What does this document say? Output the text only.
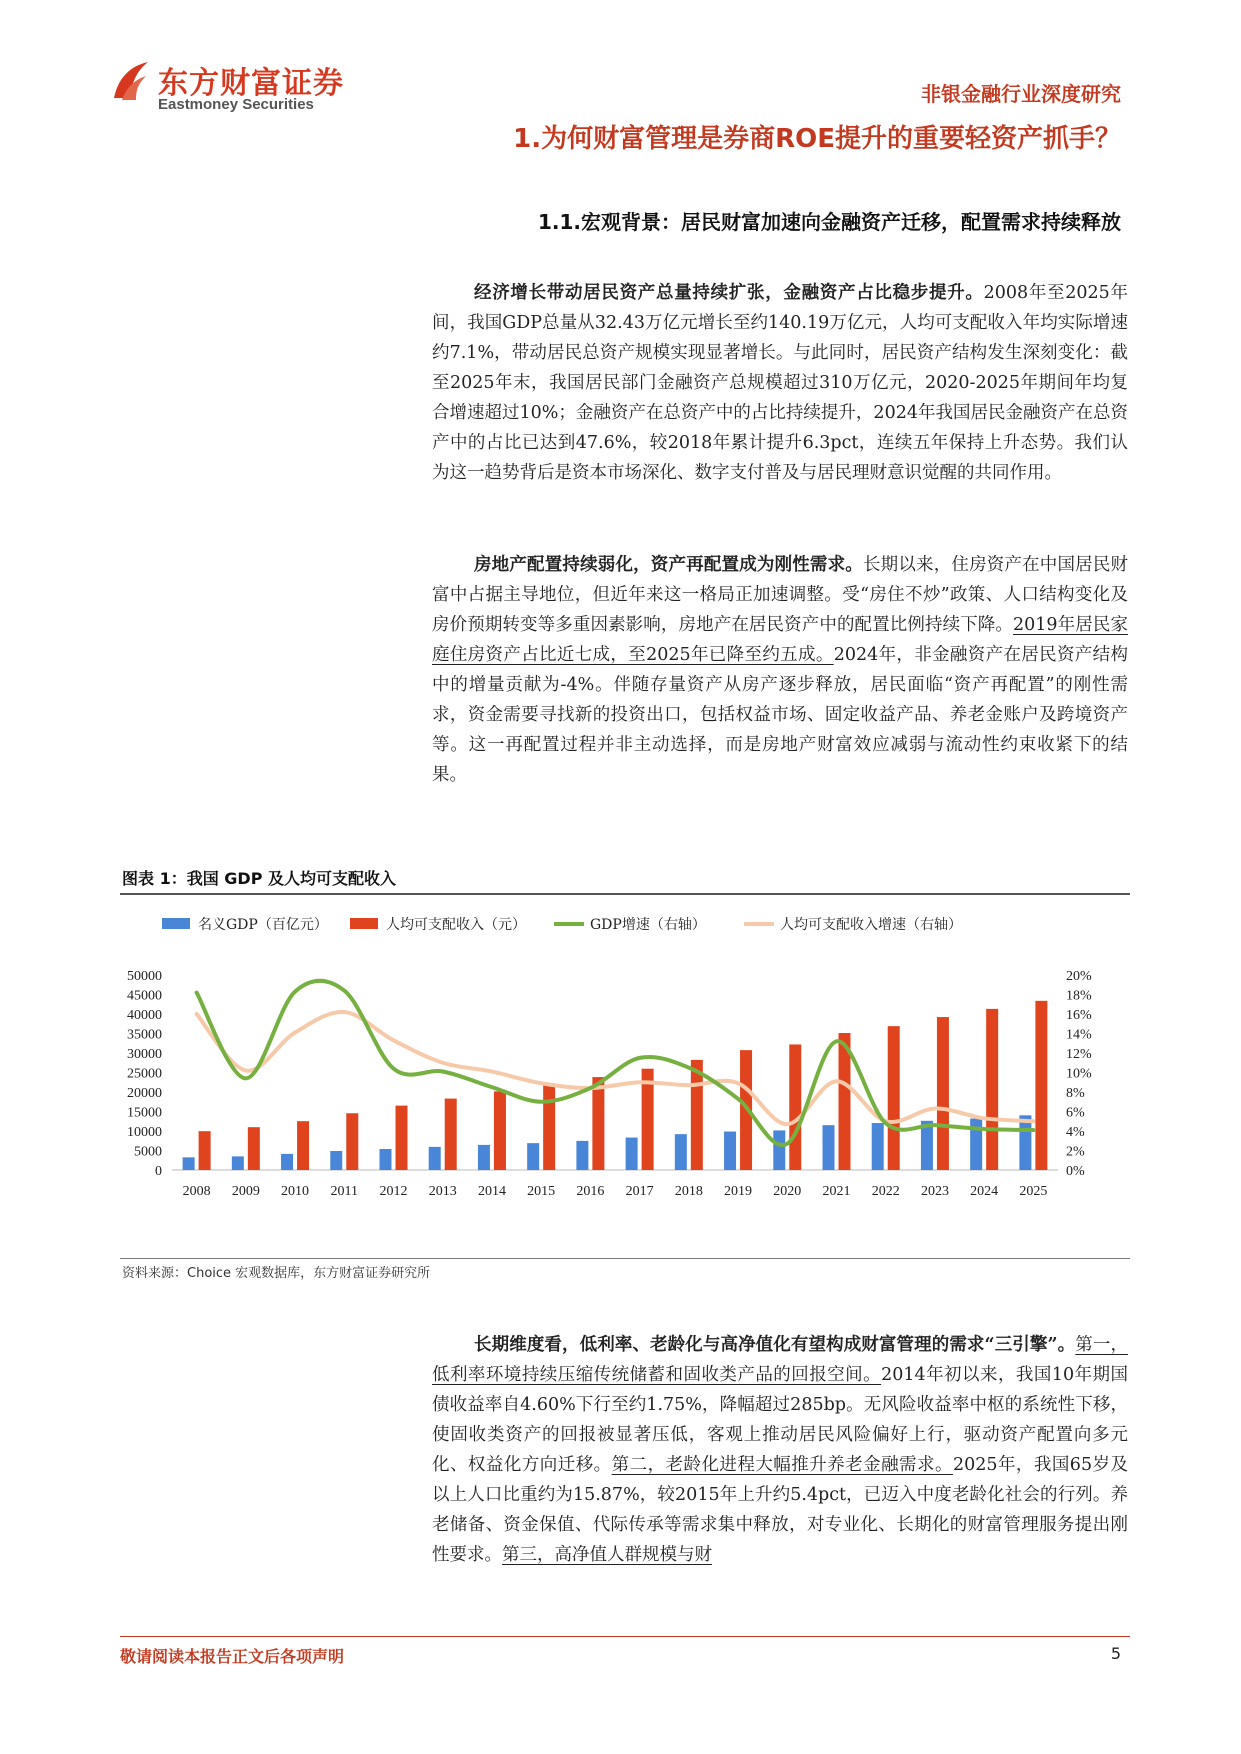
东方财富证券
Eastmoney Securities	非银金融行业深度研究
1.为何财富管理是券商ROE提升的重要轻资产抓手？
1.1.宏观背景：居民财富加速向金融资产迁移，配置需求持续释放
经济增长带动居民资产总量持续扩张，金融资产占比稳步提升。2008年至2025年间，我国GDP总量从32.43万亿元增长至约140.19万亿元，人均可支配收入年均实际增速约7.1%，带动居民总资产规模实现显著增长。与此同时，居民资产结构发生深刻变化：截至2025年末，我国居民部门金融资产总规模超过310万亿元，2020-2025年期间年均复合增速超过10%；金融资产在总资产中的占比持续提升，2024年我国居民金融资产在总资产中的占比已达到47.6%，较2018年累计提升6.3pct，连续五年保持上升态势。我们认为这一趋势背后是资本市场深化、数字支付普及与居民理财意识觉醒的共同作用。
房地产配置持续弱化，资产再配置成为刚性需求。长期以来，住房资产在中国居民财富中占据主导地位，但近年来这一格局正加速调整。受“房住不炒”政策、人口结构变化及房价预期转变等多重因素影响，房地产在居民资产中的配置比例持续下降。2019年居民家庭住房资产占比近七成，至2025年已降至约五成。2024年，非金融资产在居民资产结构中的增量贡献为-4%。伴随存量资产从房产逐步释放，居民面临“资产再配置”的刚性需求，资金需要寻找新的投资出口，包括权益市场、固定收益产品、养老金账户及跨境资产等。这一再配置过程并非主动选择，而是房地产财富效应减弱与流动性约束收紧下的结果。
图表 1：我国 GDP 及人均可支配收入
0
5000
10000
15000
20000
25000
30000
35000
40000
45000
50000
0%
2%
4%
6%
8%
10%
12%
14%
16%
18%
20%
2008 2009 2010 2011 2012 2013 2014 2015 2016 2017 2018 2019 2020 2021 2022 2023 2024 2025
名义GDP（百亿元）	人均可支配收入（元）	GDP增速（右轴）	人均可支配收入增速（右轴）
资料来源：Choice 宏观数据库，东方财富证券研究所
长期维度看，低利率、老龄化与高净值化有望构成财富管理的需求“三引擎”。第一，低利率环境持续压缩传统储蓄和固收类产品的回报空间。2014年初以来，我国10年期国债收益率自4.60%下行至约1.75%，降幅超过285bp。无风险收益率中枢的系统性下移，使固收类资产的回报被显著压低，客观上推动居民风险偏好上行，驱动资产配置向多元化、权益化方向迁移。第二，老龄化进程大幅推升养老金融需求。2025年，我国65岁及以上人口比重约为15.87%，较2015年上升约5.4pct，已迈入中度老龄化社会的行列。养老储备、资金保值、代际传承等需求集中释放，对专业化、长期化的财富管理服务提出刚性要求。第三，高净值人群规模与财
敬请阅读本报告正文后各项声明	5
